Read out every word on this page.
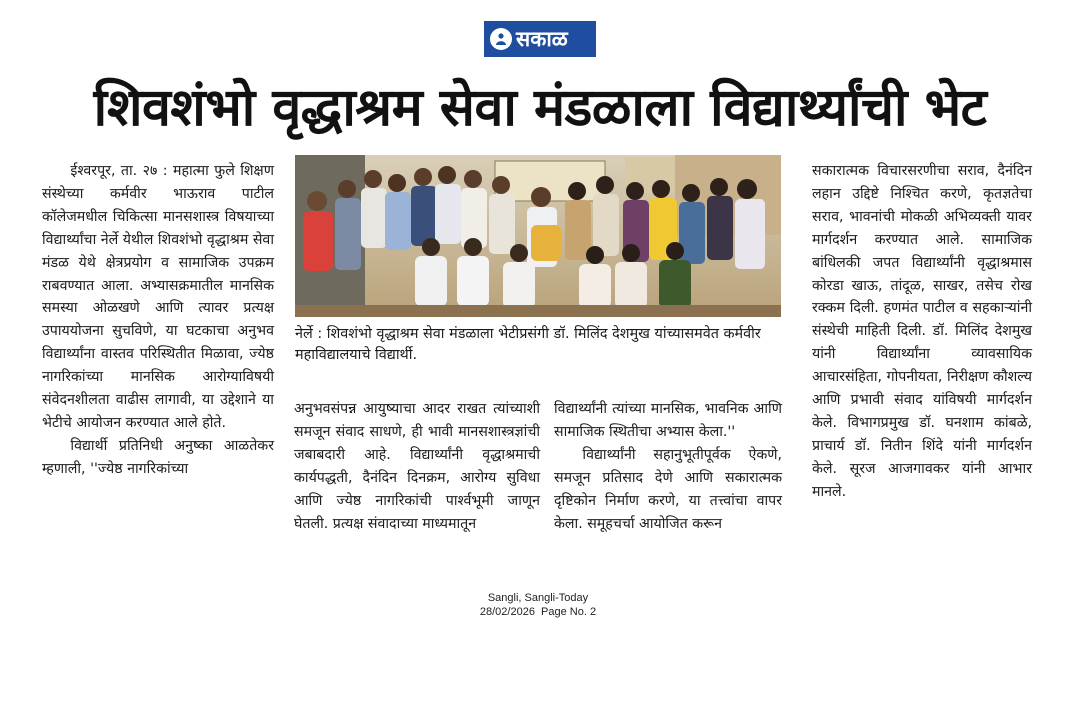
सकाळ
शिवशंभो वृद्धाश्रम सेवा मंडळाला विद्यार्थ्यांची भेट

ईश्वरपूर, ता. २७ : महात्मा फुले शिक्षण संस्थेच्या कर्मवीर भाऊराव पाटील कॉलेजमधील चिकित्सा मानसशास्त्र विषयाच्या विद्यार्थ्यांचा नेर्ले येथील शिवशंभो वृद्धाश्रम सेवा मंडळ येथे क्षेत्रप्रयोग व सामाजिक उपक्रम राबवण्यात आला. अभ्यासक्रमातील मानसिक समस्या ओळखणे आणि त्यावर प्रत्यक्ष उपाययोजना सुचविणे, या घटकाचा अनुभव विद्यार्थ्यांना वास्तव परिस्थितीत मिळावा, ज्येष्ठ नागरिकांच्या मानसिक आरोग्याविषयी संवेदनशीलता वाढीस लागावी, या उद्देशाने या भेटीचे आयोजन करण्यात आले होते.

विद्यार्थी प्रतिनिधी अनुष्का आळतेकर म्हणाली, ''ज्येष्ठ नागरिकांच्या

नेर्ले : शिवशंभो वृद्धाश्रम सेवा मंडळाला भेटीप्रसंगी डॉ. मिलिंद देशमुख यांच्यासमवेत कर्मवीर महाविद्यालयाचे विद्यार्थी.

अनुभवसंपन्न आयुष्याचा आदर राखत त्यांच्याशी समजून संवाद साधणे, ही भावी मानसशास्त्रज्ञांची जबाबदारी आहे. विद्यार्थ्यांनी वृद्धाश्रमाची कार्यपद्धती, दैनंदिन दिनक्रम, आरोग्य सुविधा आणि ज्येष्ठ नागरिकांची पार्श्वभूमी जाणून घेतली. प्रत्यक्ष संवादाच्या माध्यमातून

विद्यार्थ्यांनी त्यांच्या मानसिक, भावनिक आणि सामाजिक स्थितीचा अभ्यास केला.''

विद्यार्थ्यांनी सहानुभूतीपूर्वक ऐकणे, समजून प्रतिसाद देणे आणि सकारात्मक दृष्टिकोन निर्माण करणे, या तत्त्वांचा वापर केला. समूहचर्चा आयोजित करून

सकारात्मक विचारसरणीचा सराव, दैनंदिन लहान उद्दिष्टे निश्चित करणे, कृतज्ञतेचा सराव, भावनांची मोकळी अभिव्यक्ती यावर मार्गदर्शन करण्यात आले. सामाजिक बांधिलकी जपत विद्यार्थ्यांनी वृद्धाश्रमास कोरडा खाऊ, तांदूळ, साखर, तसेच रोख रक्कम दिली. हणमंत पाटील व सहकाऱ्यांनी संस्थेची माहिती दिली. डॉ. मिलिंद देशमुख यांनी विद्यार्थ्यांना व्यावसायिक आचारसंहिता, गोपनीयता, निरीक्षण कौशल्य आणि प्रभावी संवाद यांविषयी मार्गदर्शन केले. विभागप्रमुख डॉ. घनशाम कांबळे, प्राचार्य डॉ. नितीन शिंदे यांनी मार्गदर्शन केले. सूरज आजगावकर यांनी आभार मानले.

Sangli, Sangli-Today
28/02/2026  Page No. 2
